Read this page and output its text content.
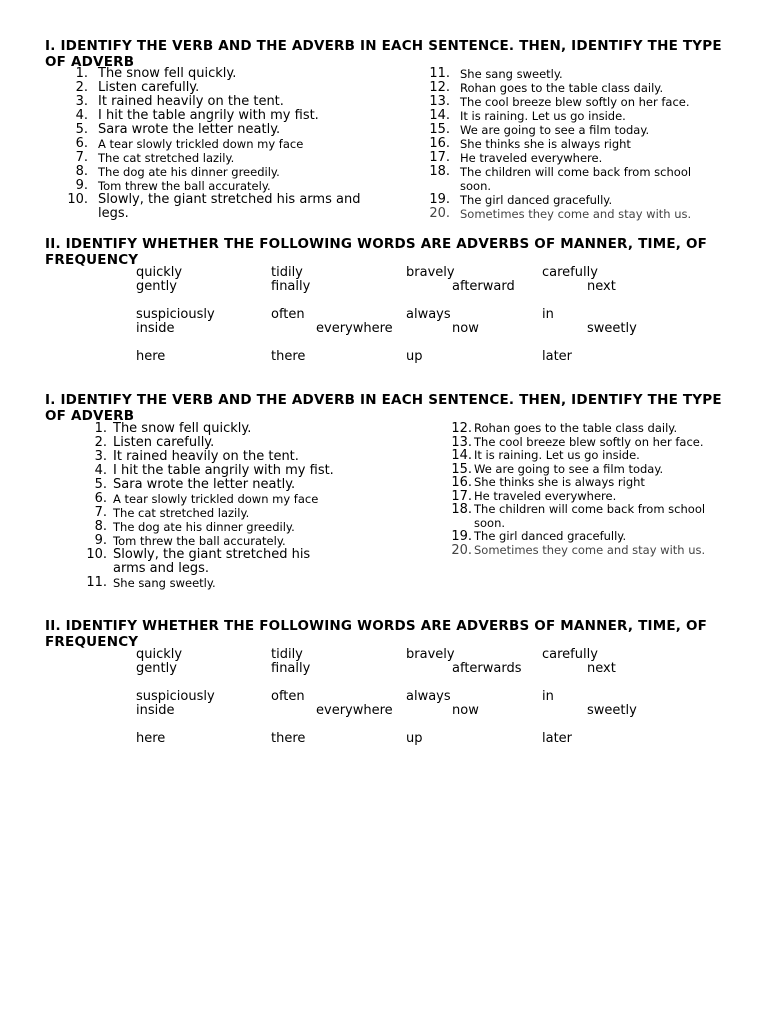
I. IDENTIFY THE VERB AND THE ADVERB IN EACH SENTENCE. THEN, IDENTIFY THE TYPE OF ADVERB
1. The snow fell quickly.
2. Listen carefully.
3. It rained heavily on the tent.
4. I hit the table angrily with my fist.
5. Sara wrote the letter neatly.
6. A tear slowly trickled down my face
7. The cat stretched lazily.
8. The dog ate his dinner greedily.
9. Tom threw the ball accurately.
10. Slowly, the giant stretched his arms and legs.
11. She sang sweetly.
12. Rohan goes to the table class daily.
13. The cool breeze blew softly on her face.
14. It is raining. Let us go inside.
15. We are going to see a film today.
16. She thinks she is always right
17. He traveled everywhere.
18. The children will come back from school soon.
19. The girl danced gracefully.
20. Sometimes they come and stay with us.
II. IDENTIFY WHETHER THE FOLLOWING WORDS ARE ADVERBS OF MANNER, TIME, OF FREQUENCY
quickly	tidily	bravely	carefully
gently	finally	afterward	next
suspiciously	often	always	in
inside	everywhere	now	sweetly
here	there	up	later
I. IDENTIFY THE VERB AND THE ADVERB IN EACH SENTENCE. THEN, IDENTIFY THE TYPE OF ADVERB
1. The snow fell quickly.
2. Listen carefully.
3. It rained heavily on the tent.
4. I hit the table angrily with my fist.
5. Sara wrote the letter neatly.
6. A tear slowly trickled down my face
7. The cat stretched lazily.
8. The dog ate his dinner greedily.
9. Tom threw the ball accurately.
10. Slowly, the giant stretched his arms and legs.
11. She sang sweetly.
12. Rohan goes to the table class daily.
13. The cool breeze blew softly on her face.
14. It is raining. Let us go inside.
15. We are going to see a film today.
16. She thinks she is always right
17. He traveled everywhere.
18. The children will come back from school soon.
19. The girl danced gracefully.
20. Sometimes they come and stay with us.
II. IDENTIFY WHETHER THE FOLLOWING WORDS ARE ADVERBS OF MANNER, TIME, OF FREQUENCY
quickly	tidily	bravely	carefully
gently	finally	afterwards	next
suspiciously	often	always	in
inside	everywhere	now	sweetly
here	there	up	later
